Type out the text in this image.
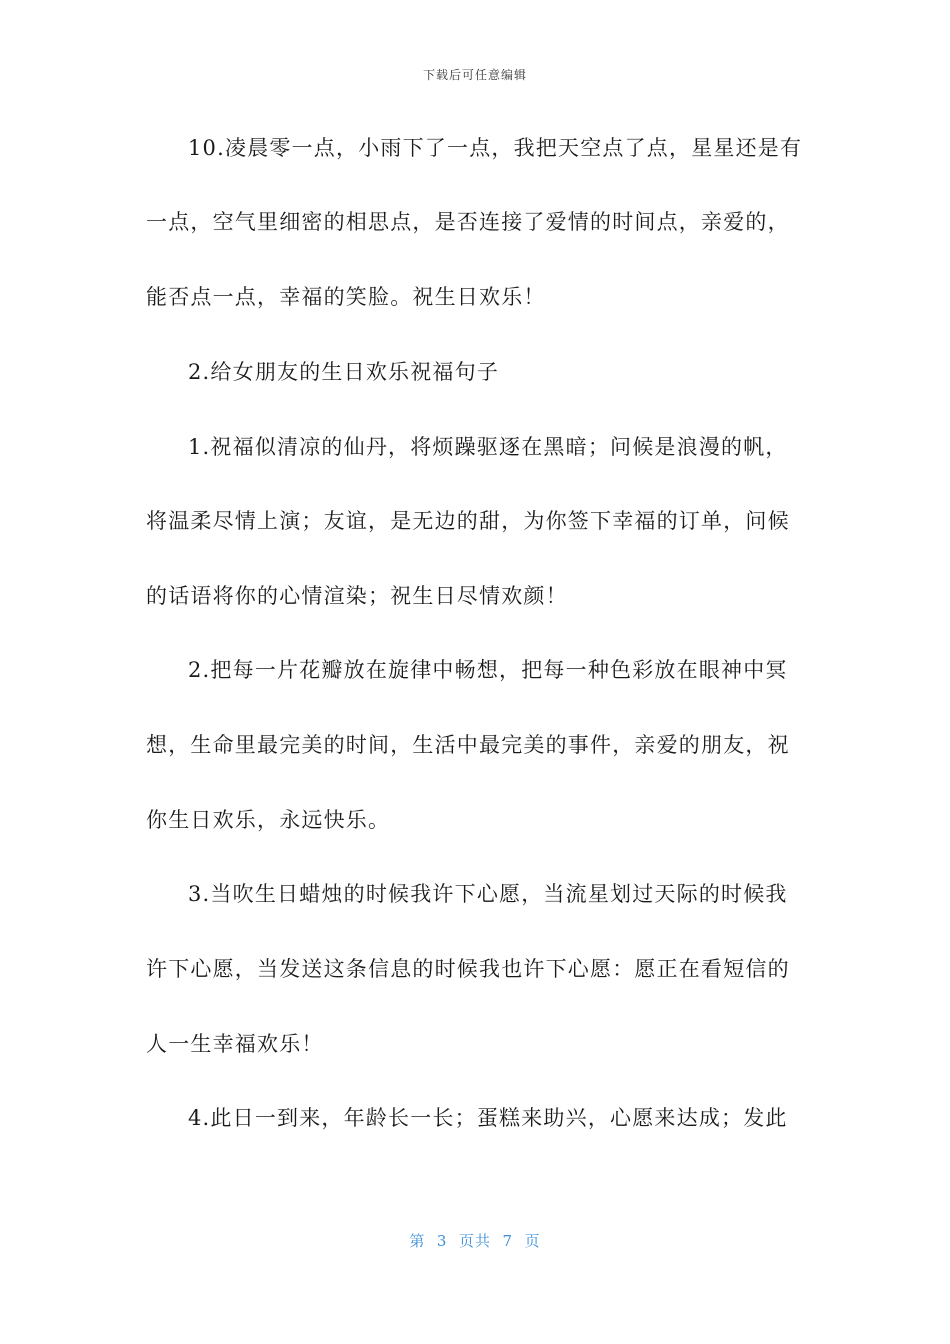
下载后可任意编辑
10.凌晨零一点，小雨下了一点，我把天空点了点，星星还是有
一点，空气里细密的相思点，是否连接了爱情的时间点，亲爱的，
能否点一点，幸福的笑脸。祝生日欢乐！
2.给女朋友的生日欢乐祝福句子
1.祝福似清凉的仙丹，将烦躁驱逐在黑暗；问候是浪漫的帆，
将温柔尽情上演；友谊，是无边的甜，为你签下幸福的订单，问候
的话语将你的心情渲染；祝生日尽情欢颜！
2.把每一片花瓣放在旋律中畅想，把每一种色彩放在眼神中冥
想，生命里最完美的时间，生活中最完美的事件，亲爱的朋友，祝
你生日欢乐，永远快乐。
3.当吹生日蜡烛的时候我许下心愿，当流星划过天际的时候我
许下心愿，当发送这条信息的时候我也许下心愿：愿正在看短信的
人一生幸福欢乐！
4.此日一到来，年龄长一长；蛋糕来助兴，心愿来达成；发此
第  3  页共  7  页
